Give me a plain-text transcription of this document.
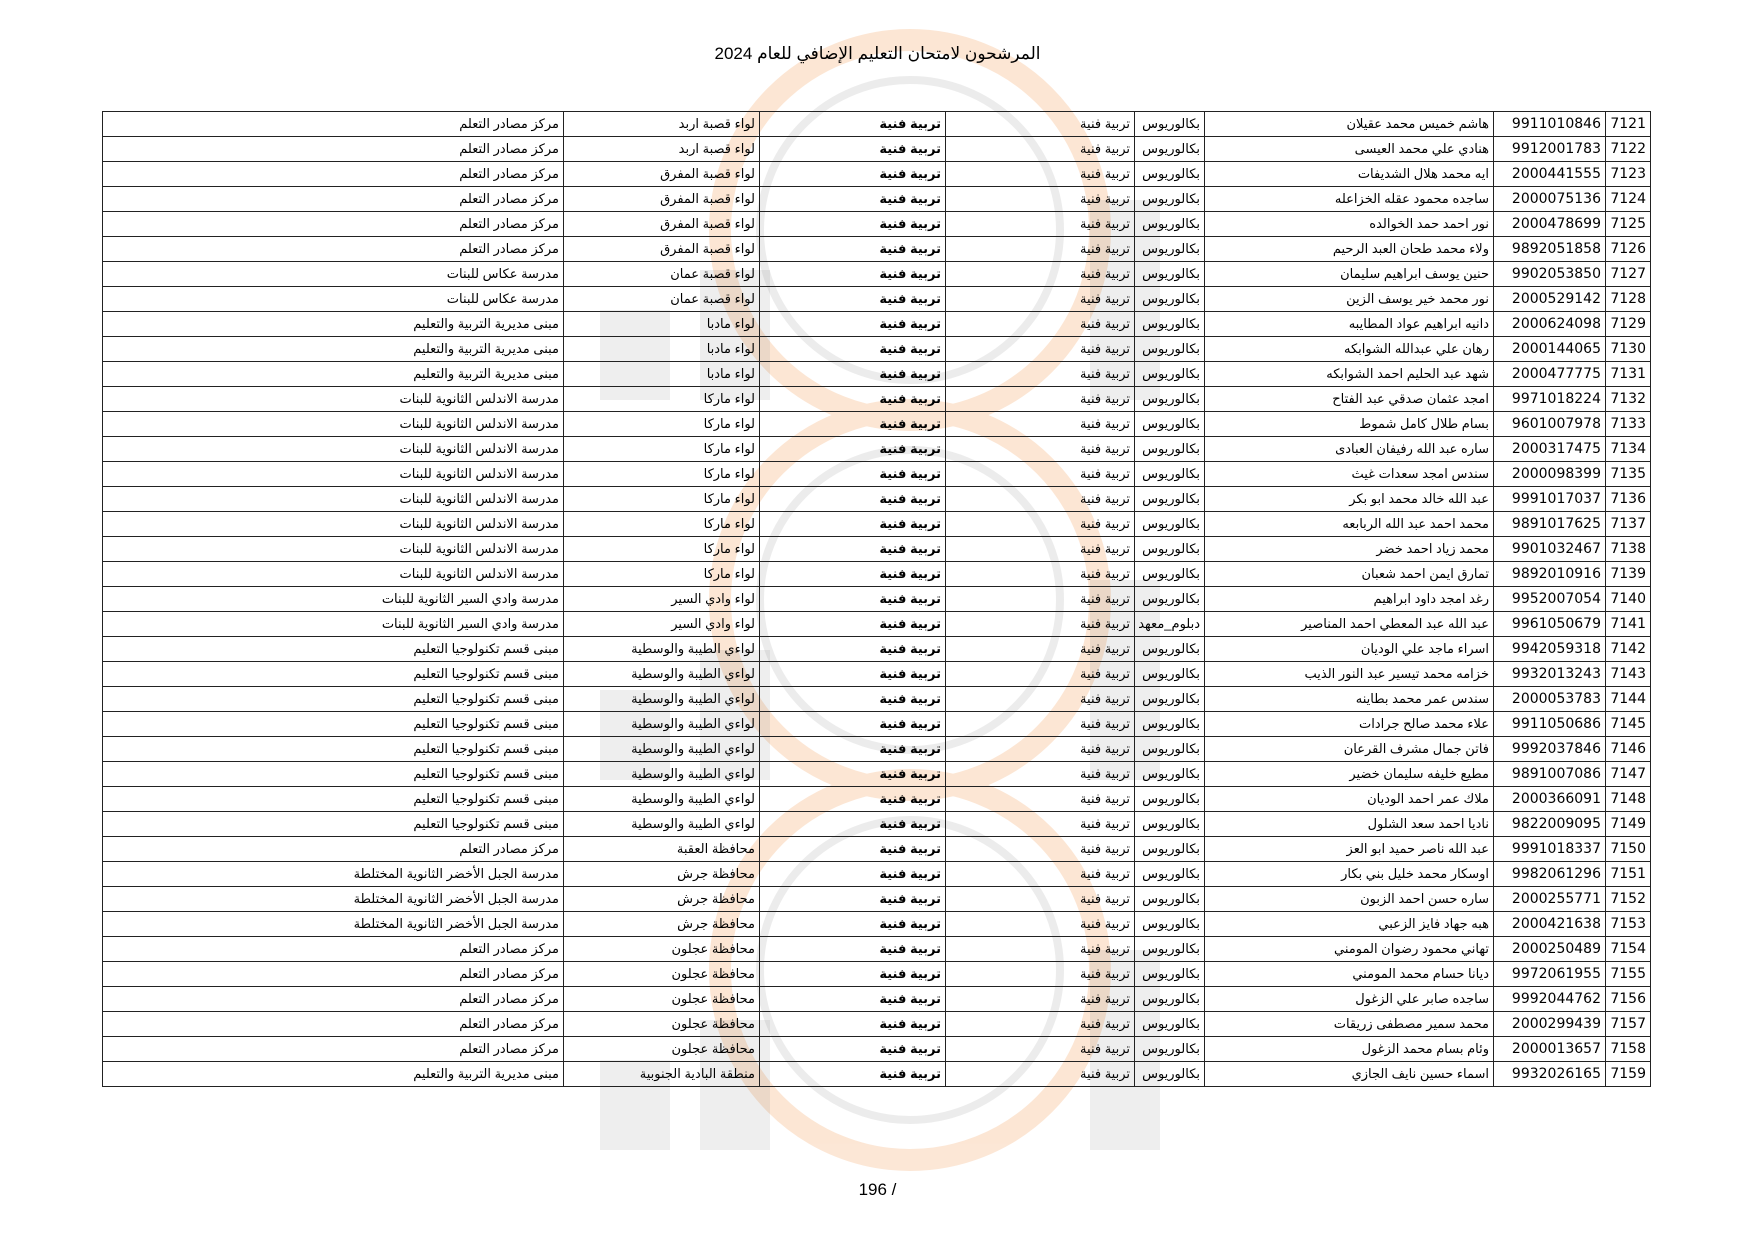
المرشحون لامتحان التعليم الإضافي للعام 2024
7121	9911010846	هاشم خميس محمد عقيلان	بكالوريوس	تربية فنية	تربية فنية	لواء قصبة اربد	مركز مصادر التعلم
7122	9912001783	هنادي علي محمد العيسى	بكالوريوس	تربية فنية	تربية فنية	لواء قصبة اربد	مركز مصادر التعلم
7123	2000441555	ايه محمد هلال الشديفات	بكالوريوس	تربية فنية	تربية فنية	لواء قصبة المفرق	مركز مصادر التعلم
7124	2000075136	ساجده محمود عقله الخزاعله	بكالوريوس	تربية فنية	تربية فنية	لواء قصبة المفرق	مركز مصادر التعلم
7125	2000478699	نور احمد حمد الخوالده	بكالوريوس	تربية فنية	تربية فنية	لواء قصبة المفرق	مركز مصادر التعلم
7126	9892051858	ولاء محمد طحان العبد الرحيم	بكالوريوس	تربية فنية	تربية فنية	لواء قصبة المفرق	مركز مصادر التعلم
7127	9902053850	حنين يوسف ابراهيم سليمان	بكالوريوس	تربية فنية	تربية فنية	لواء قصبة عمان	مدرسة عكاس للبنات
7128	2000529142	نور محمد خير يوسف الزين	بكالوريوس	تربية فنية	تربية فنية	لواء قصبة عمان	مدرسة عكاس للبنات
7129	2000624098	دانيه ابراهيم عواد المطايبه	بكالوريوس	تربية فنية	تربية فنية	لواء مادبا	مبنى مديرية التربية والتعليم
7130	2000144065	رهان علي عبدالله الشوابكه	بكالوريوس	تربية فنية	تربية فنية	لواء مادبا	مبنى مديرية التربية والتعليم
7131	2000477775	شهد عبد الحليم احمد الشوابكه	بكالوريوس	تربية فنية	تربية فنية	لواء مادبا	مبنى مديرية التربية والتعليم
7132	9971018224	امجد عثمان صدقي عبد الفتاح	بكالوريوس	تربية فنية	تربية فنية	لواء ماركا	مدرسة الاندلس الثانوية للبنات
7133	9601007978	بسام طلال كامل شموط	بكالوريوس	تربية فنية	تربية فنية	لواء ماركا	مدرسة الاندلس الثانوية للبنات
7134	2000317475	ساره عبد الله رفيفان العبادى	بكالوريوس	تربية فنية	تربية فنية	لواء ماركا	مدرسة الاندلس الثانوية للبنات
7135	2000098399	سندس امجد سعدات غيث	بكالوريوس	تربية فنية	تربية فنية	لواء ماركا	مدرسة الاندلس الثانوية للبنات
7136	9991017037	عبد الله خالد محمد ابو بكر	بكالوريوس	تربية فنية	تربية فنية	لواء ماركا	مدرسة الاندلس الثانوية للبنات
7137	9891017625	محمد احمد عبد الله الربابعه	بكالوريوس	تربية فنية	تربية فنية	لواء ماركا	مدرسة الاندلس الثانوية للبنات
7138	9901032467	محمد زياد احمد خضر	بكالوريوس	تربية فنية	تربية فنية	لواء ماركا	مدرسة الاندلس الثانوية للبنات
7139	9892010916	تمارق ايمن احمد شعبان	بكالوريوس	تربية فنية	تربية فنية	لواء ماركا	مدرسة الاندلس الثانوية للبنات
7140	9952007054	رغد امجد داود ابراهيم	بكالوريوس	تربية فنية	تربية فنية	لواء وادي السير	مدرسة وادي السير الثانوية للبنات
7141	9961050679	عبد الله عبد المعطي احمد المناصير	دبلوم_معهد	تربية فنية	تربية فنية	لواء وادي السير	مدرسة وادي السير الثانوية للبنات
7142	9942059318	اسراء ماجد علي الوديان	بكالوريوس	تربية فنية	تربية فنية	لواءي الطيبة والوسطية	مبنى قسم تكنولوجيا التعليم
7143	9932013243	خزامه محمد تيسير عبد النور الذيب	بكالوريوس	تربية فنية	تربية فنية	لواءي الطيبة والوسطية	مبنى قسم تكنولوجيا التعليم
7144	2000053783	سندس عمر محمد بطاينه	بكالوريوس	تربية فنية	تربية فنية	لواءي الطيبة والوسطية	مبنى قسم تكنولوجيا التعليم
7145	9911050686	علاء محمد صالح جرادات	بكالوريوس	تربية فنية	تربية فنية	لواءي الطيبة والوسطية	مبنى قسم تكنولوجيا التعليم
7146	9992037846	فاتن جمال مشرف القرعان	بكالوريوس	تربية فنية	تربية فنية	لواءي الطيبة والوسطية	مبنى قسم تكنولوجيا التعليم
7147	9891007086	مطيع خليفه سليمان خضير	بكالوريوس	تربية فنية	تربية فنية	لواءي الطيبة والوسطية	مبنى قسم تكنولوجيا التعليم
7148	2000366091	ملاك عمر احمد الوديان	بكالوريوس	تربية فنية	تربية فنية	لواءي الطيبة والوسطية	مبنى قسم تكنولوجيا التعليم
7149	9822009095	ناديا احمد سعد الشلول	بكالوريوس	تربية فنية	تربية فنية	لواءي الطيبة والوسطية	مبنى قسم تكنولوجيا التعليم
7150	9991018337	عبد الله ناصر حميد ابو العز	بكالوريوس	تربية فنية	تربية فنية	محافظة العقبة	مركز مصادر التعلم
7151	9982061296	اوسكار محمد خليل بني بكار	بكالوريوس	تربية فنية	تربية فنية	محافظة جرش	مدرسة الجبل الأخضر الثانوية المختلطة
7152	2000255771	ساره حسن احمد الزبون	بكالوريوس	تربية فنية	تربية فنية	محافظة جرش	مدرسة الجبل الأخضر الثانوية المختلطة
7153	2000421638	هبه جهاد فايز الزعبي	بكالوريوس	تربية فنية	تربية فنية	محافظة جرش	مدرسة الجبل الأخضر الثانوية المختلطة
7154	2000250489	تهاني محمود رضوان المومني	بكالوريوس	تربية فنية	تربية فنية	محافظة عجلون	مركز مصادر التعلم
7155	9972061955	ديانا حسام محمد المومني	بكالوريوس	تربية فنية	تربية فنية	محافظة عجلون	مركز مصادر التعلم
7156	9992044762	ساجده صابر علي الزغول	بكالوريوس	تربية فنية	تربية فنية	محافظة عجلون	مركز مصادر التعلم
7157	2000299439	محمد سمير مصطفى زريقات	بكالوريوس	تربية فنية	تربية فنية	محافظة عجلون	مركز مصادر التعلم
7158	2000013657	وئام بسام محمد الزغول	بكالوريوس	تربية فنية	تربية فنية	محافظة عجلون	مركز مصادر التعلم
7159	9932026165	اسماء حسين نايف الجازي	بكالوريوس	تربية فنية	تربية فنية	منطقة البادية الجنوبية	مبنى مديرية التربية والتعليم
196 /
